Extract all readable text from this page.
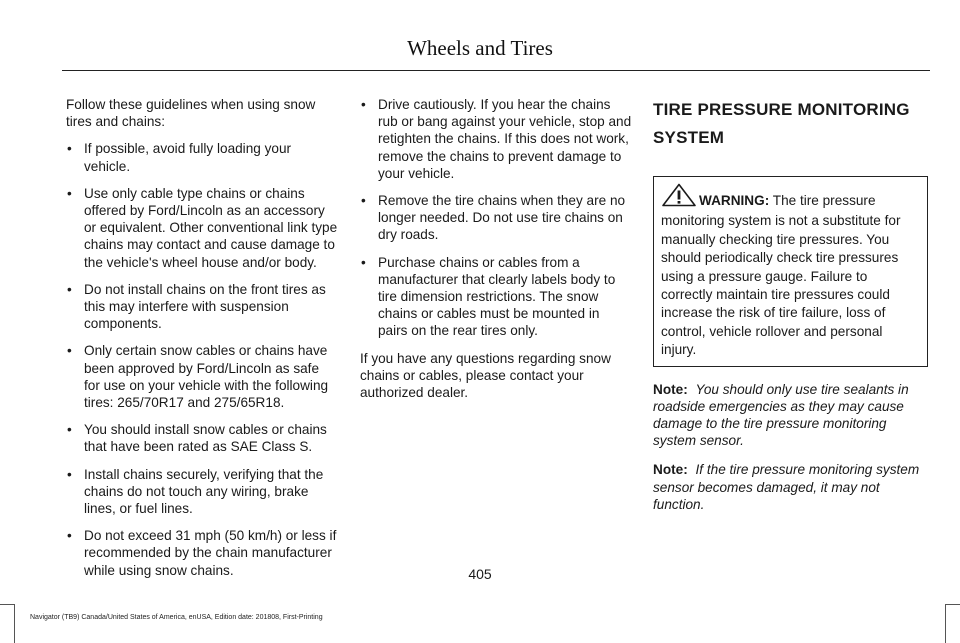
Wheels and Tires

Follow these guidelines when using snow tires and chains:

• If possible, avoid fully loading your vehicle.
• Use only cable type chains or chains offered by Ford/Lincoln as an accessory or equivalent. Other conventional link type chains may contact and cause damage to the vehicle's wheel house and/or body.
• Do not install chains on the front tires as this may interfere with suspension components.
• Only certain snow cables or chains have been approved by Ford/Lincoln as safe for use on your vehicle with the following tires: 265/70R17 and 275/65R18.
• You should install snow cables or chains that have been rated as SAE Class S.
• Install chains securely, verifying that the chains do not touch any wiring, brake lines, or fuel lines.
• Do not exceed 31 mph (50 km/h) or less if recommended by the chain manufacturer while using snow chains.
• Drive cautiously. If you hear the chains rub or bang against your vehicle, stop and retighten the chains. If this does not work, remove the chains to prevent damage to your vehicle.
• Remove the tire chains when they are no longer needed. Do not use tire chains on dry roads.
• Purchase chains or cables from a manufacturer that clearly labels body to tire dimension restrictions. The snow chains or cables must be mounted in pairs on the rear tires only.

If you have any questions regarding snow chains or cables, please contact your authorized dealer.

TIRE PRESSURE MONITORING
SYSTEM
WARNING: The tire pressure monitoring system is not a substitute for manually checking tire pressures. You should periodically check tire pressures using a pressure gauge. Failure to correctly maintain tire pressures could increase the risk of tire failure, loss of control, vehicle rollover and personal injury.

Note: You should only use tire sealants in roadside emergencies as they may cause damage to the tire pressure monitoring system sensor.

Note: If the tire pressure monitoring system sensor becomes damaged, it may not function.

405
Navigator (TB9) Canada/United States of America, enUSA, Edition date: 201808, First-Printing
